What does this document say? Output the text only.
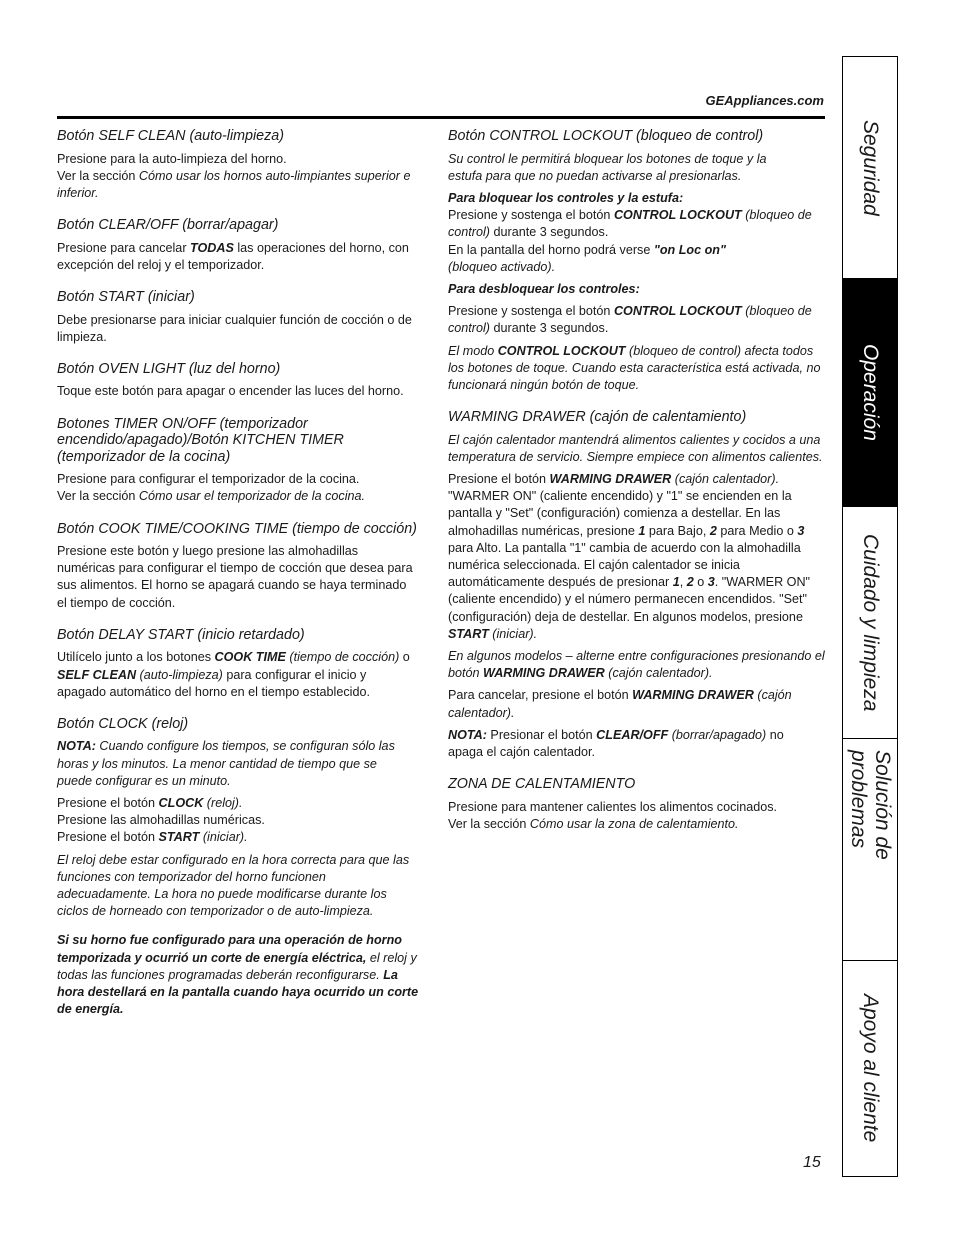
GEAppliances.com
Botón SELF CLEAN (auto-limpieza)
Presione para la auto-limpieza del horno.
Ver la sección Cómo usar los hornos auto-limpiantes superior e inferior.
Botón CLEAR/OFF (borrar/apagar)
Presione para cancelar TODAS las operaciones del horno, con excepción del reloj y el temporizador.
Botón START (iniciar)
Debe presionarse para iniciar cualquier función de cocción o de limpieza.
Botón OVEN LIGHT (luz del horno)
Toque este botón para apagar o encender las luces del horno.
Botones TIMER ON/OFF (temporizador encendido/apagado)/Botón KITCHEN TIMER (temporizador de la cocina)
Presione para configurar el temporizador de la cocina.
Ver la sección Cómo usar el temporizador de la cocina.
Botón COOK TIME/COOKING TIME (tiempo de cocción)
Presione este botón y luego presione las almohadillas numéricas para configurar el tiempo de cocción que desea para sus alimentos. El horno se apagará cuando se haya terminado el tiempo de cocción.
Botón DELAY START (inicio retardado)
Utilícelo junto a los botones COOK TIME (tiempo de cocción) o SELF CLEAN (auto-limpieza) para configurar el inicio y apagado automático del horno en el tiempo establecido.
Botón CLOCK (reloj)
NOTA: Cuando configure los tiempos, se configuran sólo las horas y los minutos. La menor cantidad de tiempo que se puede configurar es un minuto.
Presione el botón CLOCK (reloj).
Presione las almohadillas numéricas.
Presione el botón START (iniciar).
El reloj debe estar configurado en la hora correcta para que las funciones con temporizador del horno funcionen adecuadamente. La hora no puede modificarse durante los ciclos de horneado con temporizador o de auto-limpieza.
Si su horno fue configurado para una operación de horno temporizada y ocurrió un corte de energía eléctrica, el reloj y todas las funciones programadas deberán reconfigurarse. La hora destellará en la pantalla cuando haya ocurrido un corte de energía.
Botón CONTROL LOCKOUT (bloqueo de control)
Su control le permitirá bloquear los botones de toque y la estufa para que no puedan activarse al presionarlas.
Para bloquear los controles y la estufa:
Presione y sostenga el botón CONTROL LOCKOUT (bloqueo de control) durante 3 segundos.
En la pantalla del horno podrá verse "on Loc on"
(bloqueo activado).
Para desbloquear los controles:
Presione y sostenga el botón CONTROL LOCKOUT (bloqueo de control) durante 3 segundos.
El modo CONTROL LOCKOUT (bloqueo de control) afecta todos los botones de toque. Cuando esta característica está activada, no funcionará ningún botón de toque.
WARMING DRAWER (cajón de calentamiento)
El cajón calentador mantendrá alimentos calientes y cocidos a una temperatura de servicio. Siempre empiece con alimentos calientes.
Presione el botón WARMING DRAWER (cajón calentador). "WARMER ON" (caliente encendido) y "1" se encienden en la pantalla y "Set" (configuración) comienza a destellar. En las almohadillas numéricas, presione 1 para Bajo, 2 para Medio o 3 para Alto. La pantalla "1" cambia de acuerdo con la almohadilla numérica seleccionada. El cajón calentador se inicia automáticamente después de presionar 1, 2 o 3. "WARMER ON" (caliente encendido) y el número permanecen encendidos. "Set" (configuración) deja de destellar. En algunos modelos, presione START (iniciar).
En algunos modelos – alterne entre configuraciones presionando el botón WARMING DRAWER (cajón calentador).
Para cancelar, presione el botón WARMING DRAWER (cajón calentador).
NOTA: Presionar el botón CLEAR/OFF (borrar/apagado) no apaga el cajón calentador.
ZONA DE CALENTAMIENTO
Presione para mantener calientes los alimentos cocinados.
Ver la sección Cómo usar la zona de calentamiento.
15
Seguridad
Operación
Cuidado y limpieza
Solución de problemas
Apoyo al cliente
